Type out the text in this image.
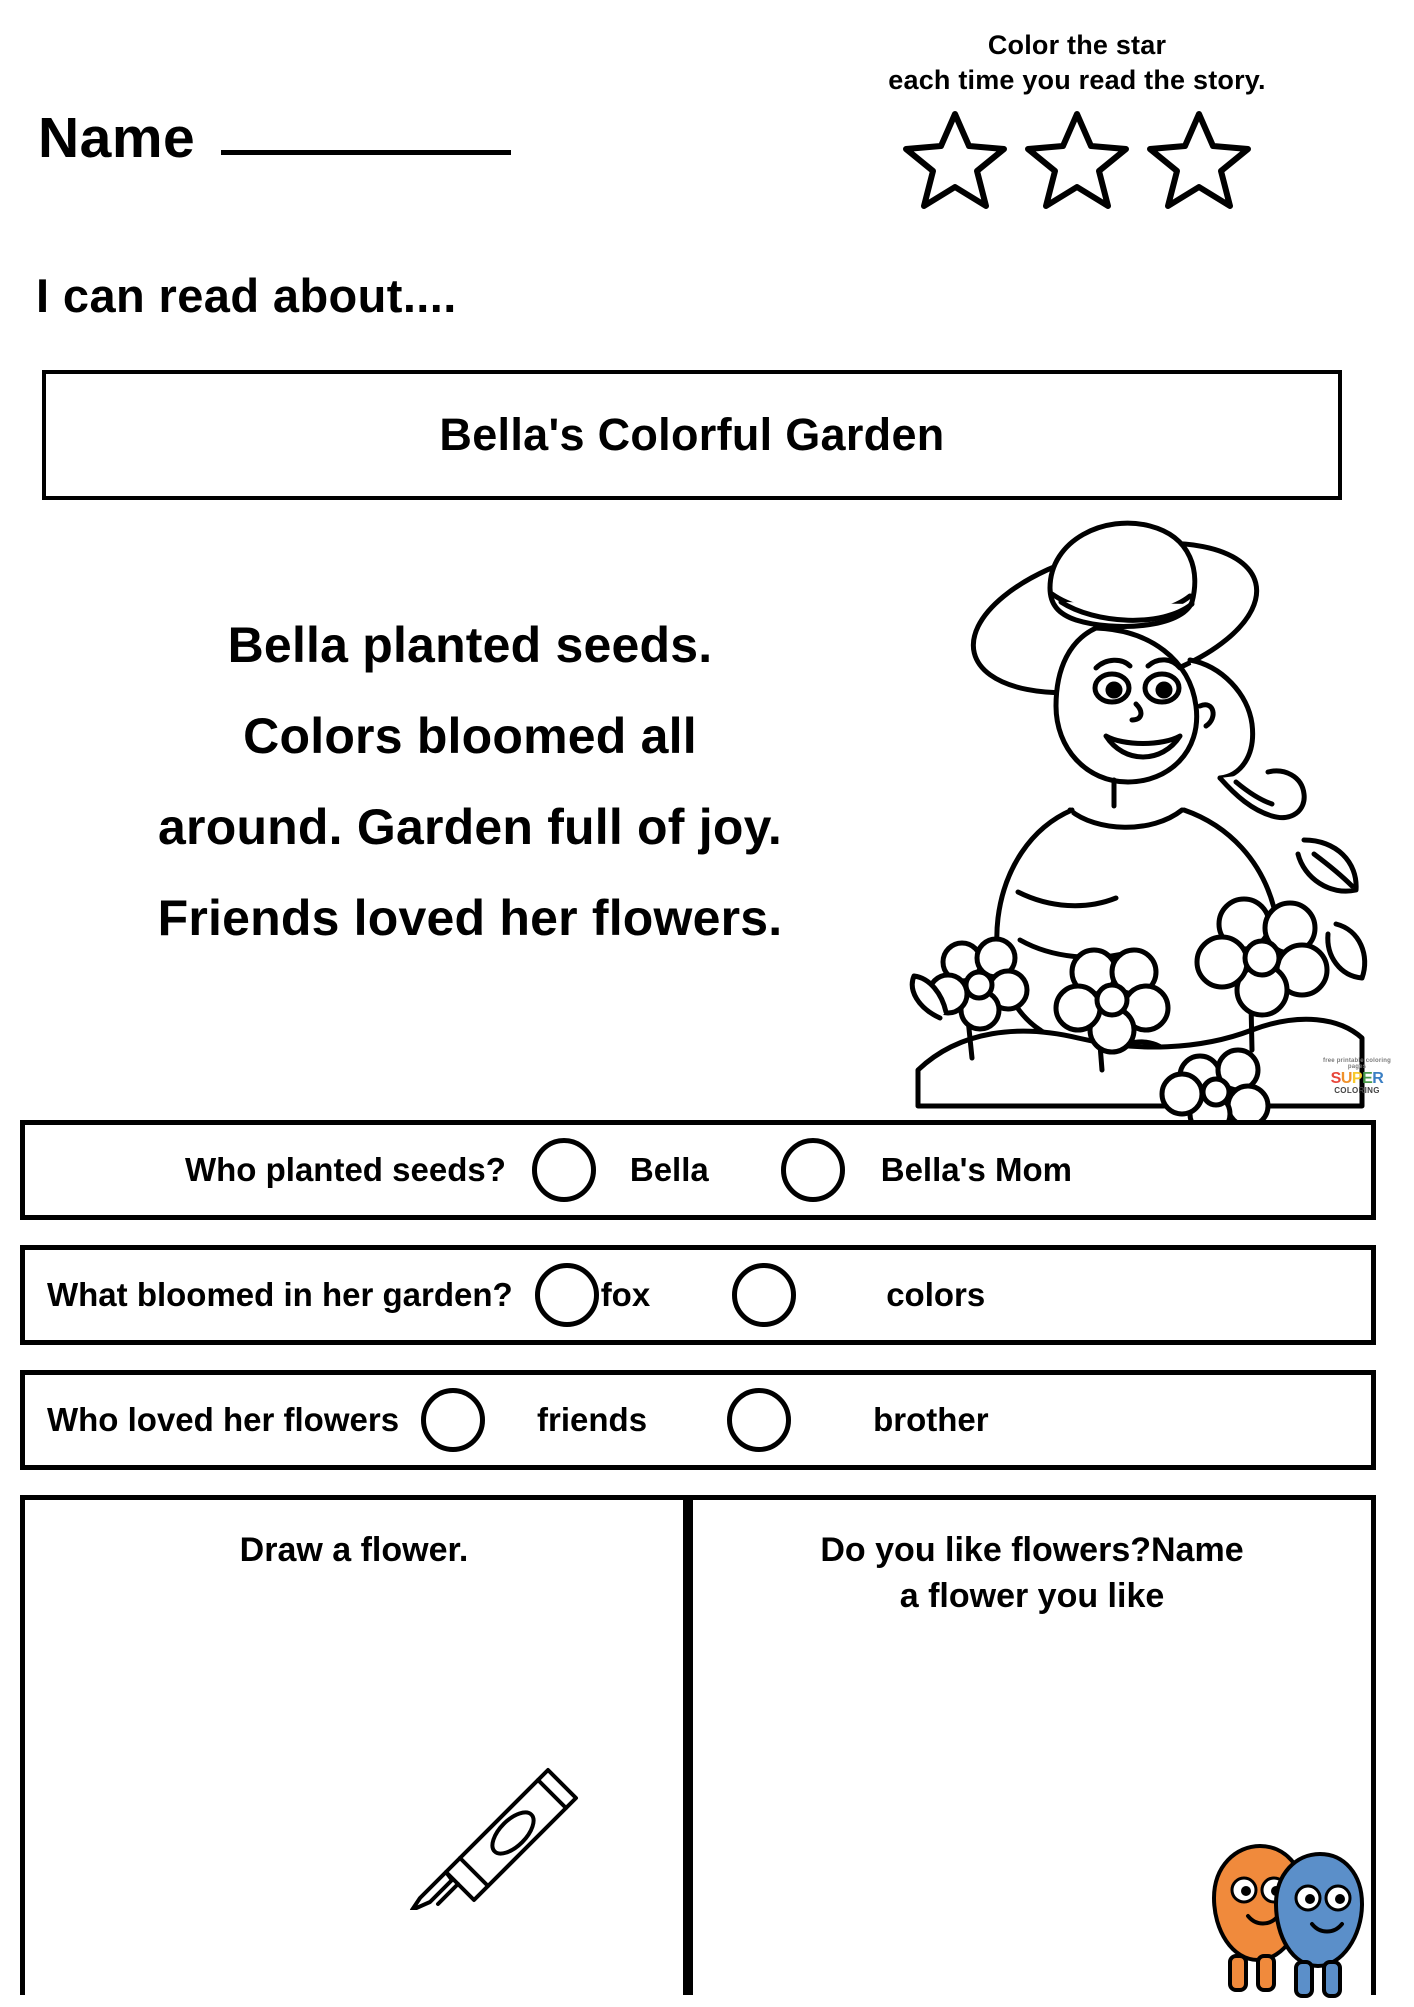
Color the star
each time you read the story.
Name
I can read about....
Bella's Colorful Garden
Bella planted seeds.
Colors bloomed all
around. Garden full of joy.
Friends loved her flowers.
free printable coloring pages
SUPER
COLORING
Who planted seeds?	Bella	Bella's Mom
What bloomed in her garden?	fox	colors
Who loved her flowers	friends	brother
Draw a flower.	Do you like flowers?Name
a flower you like
